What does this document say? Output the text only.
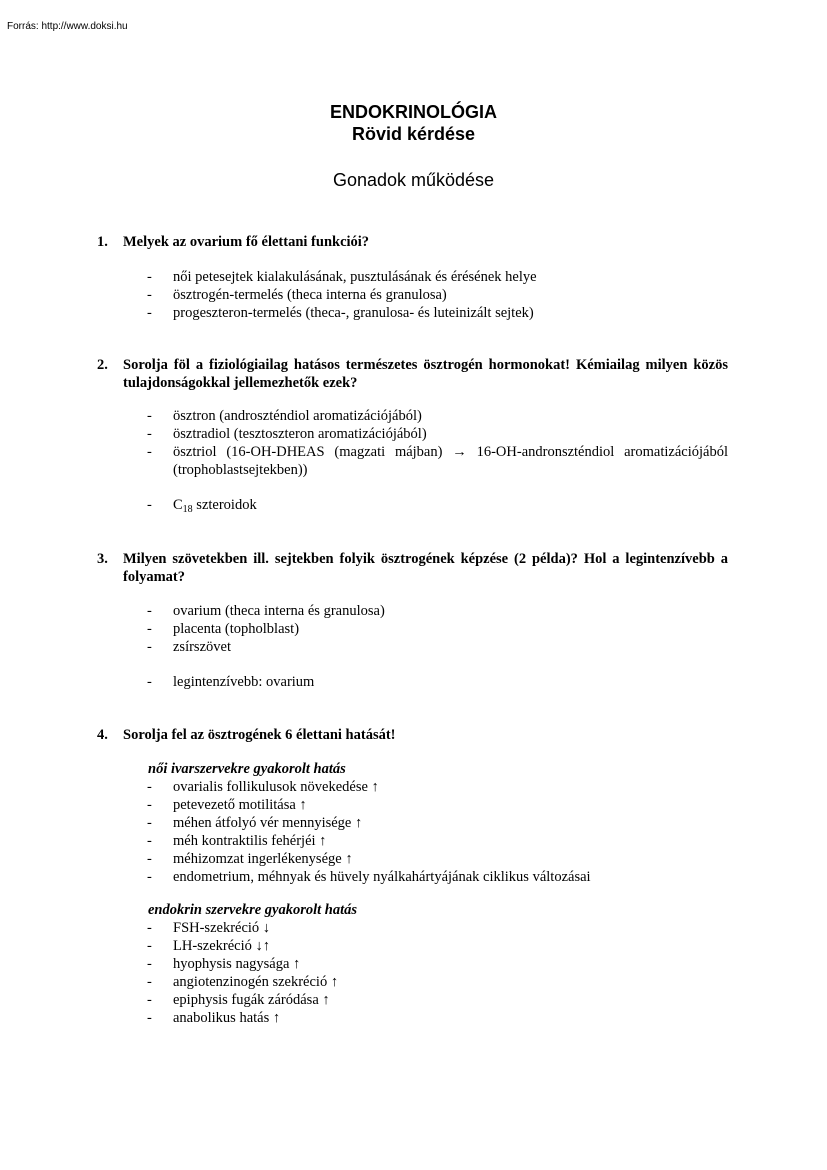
Forrás: http://www.doksi.hu
ENDOKRINOLÓGIA
Rövid kérdése
Gonadok működése
1. Melyek az ovarium fő élettani funkciói?
- női petesejtek kialakulásának, pusztulásának és érésének helye
- ösztrogén-termelés (theca interna és granulosa)
- progeszteron-termelés (theca-, granulosa- és luteinizált sejtek)
2. Sorolja föl a fiziológiailag hatásos természetes ösztrogén hormonokat! Kémiailag milyen közös tulajdonságokkal jellemezhetők ezek?
- ösztron (androszténdiol aromatizációjából)
- ösztradiol (tesztoszteron aromatizációjából)
- ösztriol (16-OH-DHEAS (magzati májban) → 16-OH-andronszténdiol aromatizációjából (trophoblastsejtekben))
- $C_{18}$ szteroidok
3. Milyen szövetekben ill. sejtekben folyik ösztrogének képzése (2 példa)? Hol a legintenzívebb a folyamat?
- ovarium (theca interna és granulosa)
- placenta (topholblast)
- zsírszövet
- legintenzívebb: ovarium
4. Sorolja fel az ösztrogének 6 élettani hatását!
női ivarszervekre gyakorolt hatás
- ovarialis follikulusok növekedése ↑
- petevezető motilitása ↑
- méhen átfolyó vér mennyisége ↑
- méh kontraktilis fehérjéi ↑
- méhizomzat ingerlékenysége ↑
- endometrium, méhnyak és hüvely nyálkahártyájának ciklikus változásai
endokrin szervekre gyakorolt hatás
- FSH-szekréció ↓
- LH-szekréció ↓↑
- hyophysis nagysága ↑
- angiotenzinogén szekréció ↑
- epiphysis fugák záródása ↑
- anabolikus hatás ↑
